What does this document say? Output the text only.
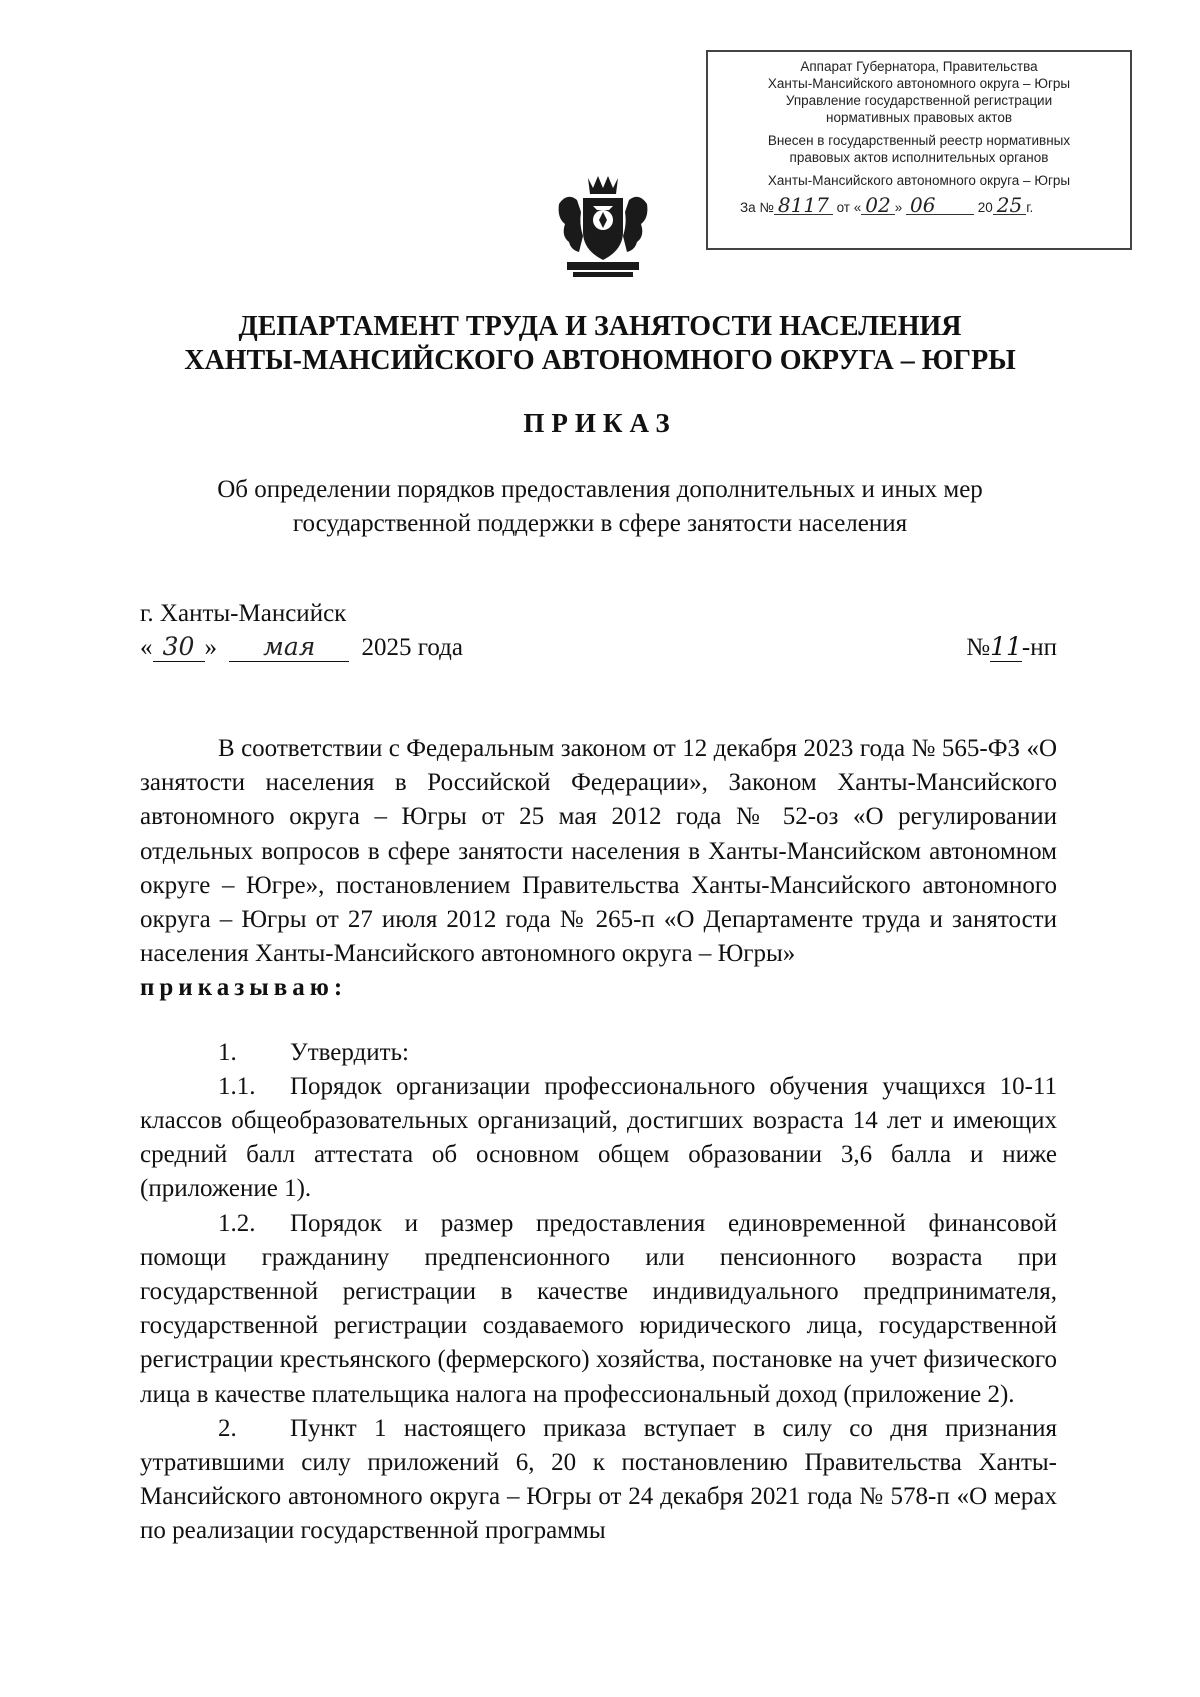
Аппарат Губернатора, Правительства
Ханты-Мансийского автономного округа – Югры
Управление государственной регистрации
нормативных правовых актов
Внесен в государственный реестр нормативных
правовых актов исполнительных органов
Ханты-Мансийского автономного округа – Югры
За № 8117 от « 02 » 06	20 25 г.
ДЕПАРТАМЕНТ ТРУДА И ЗАНЯТОСТИ НАСЕЛЕНИЯ
ХАНТЫ-МАНСИЙСКОГО АВТОНОМНОГО ОКРУГА – ЮГРЫ
ПРИКАЗ
Об определении порядков предоставления дополнительных и иных мер
государственной поддержки в сфере занятости населения
г. Ханты-Мансийск
« 30 » мая 2025 года	№11-нп

В соответствии с Федеральным законом от 12 декабря 2023 года № 565-ФЗ «О занятости населения в Российской Федерации», Законом Ханты-Мансийского автономного округа – Югры от 25 мая 2012 года № 52-оз «О регулировании отдельных вопросов в сфере занятости населения в Ханты-Мансийском автономном округе – Югре», постановлением Правительства Ханты-Мансийского автономного округа – Югры от 27 июля 2012 года № 265-п «О Департаменте труда и занятости населения Ханты-Мансийского автономного округа – Югры»

приказываю:

1. Утвердить:

1.1. Порядок организации профессионального обучения учащихся 10-11 классов общеобразовательных организаций, достигших возраста 14 лет и имеющих средний балл аттестата об основном общем образовании 3,6 балла и ниже (приложение 1).

1.2. Порядок и размер предоставления единовременной финансовой помощи гражданину предпенсионного или пенсионного возраста при государственной регистрации в качестве индивидуального предпринимателя, государственной регистрации создаваемого юридического лица, государственной регистрации крестьянского (фермерского) хозяйства, постановке на учет физического лица в качестве плательщика налога на профессиональный доход (приложение 2).

2. Пункт 1 настоящего приказа вступает в силу со дня признания утратившими силу приложений 6, 20 к постановлению Правительства Ханты-Мансийского автономного округа – Югры от 24 декабря 2021 года № 578-п «О мерах по реализации государственной программы
